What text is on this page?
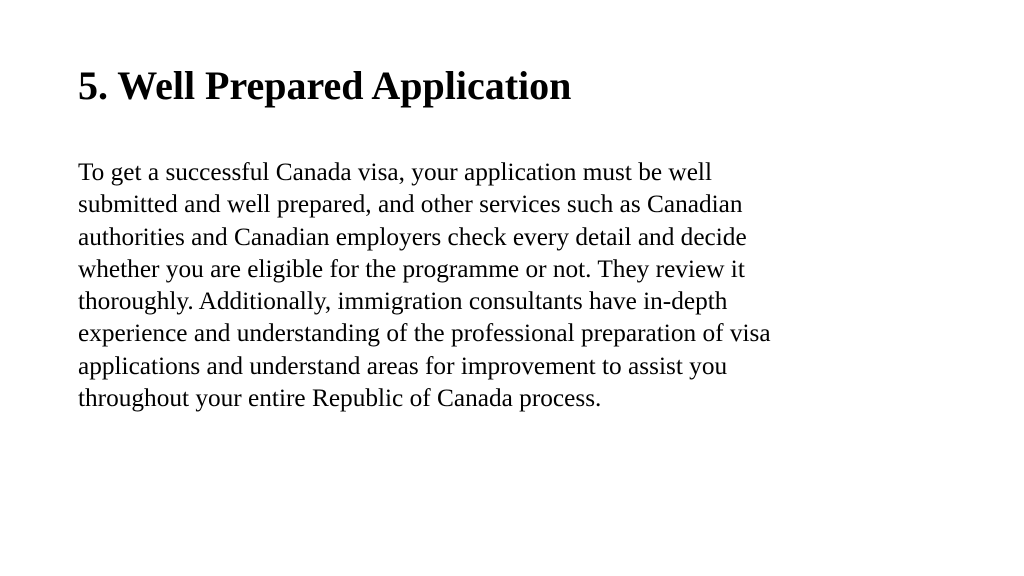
5. Well Prepared Application

To get a successful Canada visa, your application must be well
submitted and well prepared, and other services such as Canadian
authorities and Canadian employers check every detail and decide
whether you are eligible for the programme or not. They review it
thoroughly. Additionally, immigration consultants have in-depth
experience and understanding of the professional preparation of visa
applications and understand areas for improvement to assist you
throughout your entire Republic of Canada process.
